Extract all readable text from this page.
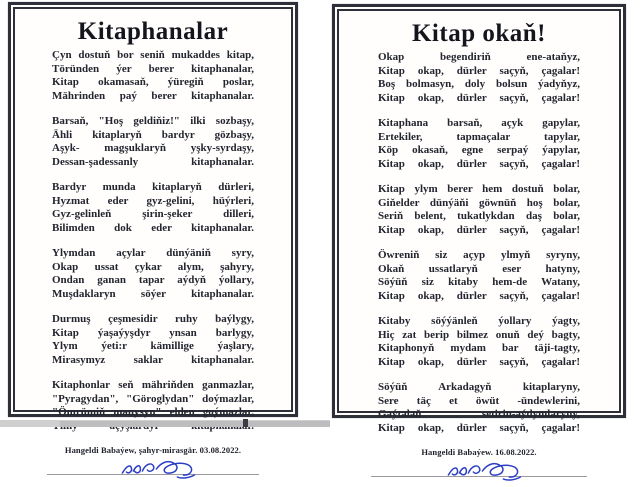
Kitaphanalar
Çyn dostuň bor seniň mukaddes kitap,
Töründen ýer berer kitaphanalar,
Kitap okamasaň, ýüregiň poslar,
Mährinden paý berer kitaphanalar.
Barsaň, "Hoş geldiňiz!" ilki sozbaşy,
Ähli kitaplaryň bardyr gözbaşy,
Aşyk- magşuklaryň yşky-syrdaşy,
Dessan-şadessanly kitaphanalar.
Bardyr munda kitaplaryň dürleri,
Hyzmat eder gyz-gelini, hüýrleri,
Gyz-gelinleň şirin-şeker dilleri,
Bilimden dok eder kitaphanalar.
Ylymdan açylar dünýäniň syry,
Okap ussat çykar alym, şahyry,
Ondan ganan tapar aýdyň ýollary,
Muşdaklaryn söýer kitaphanalar.
Durmuş çeşmesidir ruhy baýlygy,
Kitap ýaşaýyşdyr ynsan barlygy,
Ylym ýeti:r kämillige ýaşlary,
Mirasymyz saklar kitaphanalar.
Kitaphonlar seň mähriňden ganmazlar,
"Pyragydan", "Göroglydan" doýmazlar,
"Ömrümiň manysyn" elden goýmazlar,
Hangeldi Babaýew, şahyr-mirasgär. 03.08.2022.
Kitap okaň!
Okap begendiriň ene-ataňyz,
Kitap okap, dürler saçyň, çagalar!
Boş bolmasyn, doly bolsun ýadyňyz,
Kitap okap, dürler saçyň, çagalar!
Kitaphana barsaň, açyk gapylar,
Ertekiler, tapmaçalar tapylar,
Köp okasaň, egne serpaý ýapylar,
Kitap okap, dürler saçyň, çagalar!
Kitap ylym berer hem dostuň bolar,
Giňelder dünýäňi göwnüň hoş bolar,
Seriň belent, tukatlykdan daş bolar,
Kitap okap, dürler saçyň, çagalar!
Öwreniň siz açyp ylmyň syryny,
Okaň ussatlaryň eser hatyny,
Söýüň siz kitaby hem-de Watany,
Kitap okap, dürler saçyň, çagalar!
Kitaby söýýänleň ýollary ýagty,
Hiç zat berip bilmez onuň deý bagty,
Kitaphonyň mydam bar täji-tagty,
Kitap okap, dürler saçyň, çagalar!
Söýüň Arkadagyň kitaplaryny,
Sere täç et öwüt -ündewlerini,
Gaýtalaň setirin-aýdymlaryny,
Kitap okap, dürler saçyň, çagalar!
Hangeldi Babaýew. 16.08.2022.
